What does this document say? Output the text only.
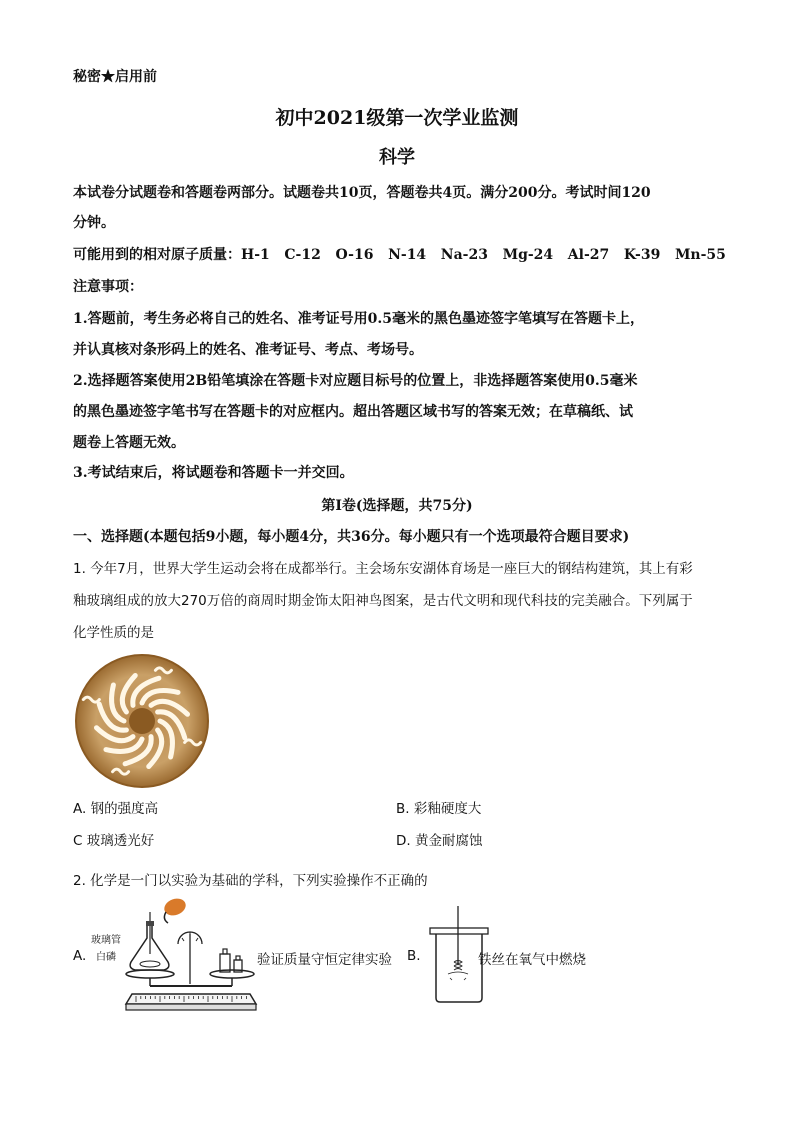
秘密★启用前
初中2021级第一次学业监测
科学
本试卷分试题卷和答题卷两部分。试题卷共10页，答题卷共4页。满分200分。考试时间120
分钟。
可能用到的相对原子质量：H-1   C-12   O-16   N-14   Na-23   Mg-24   Al-27   K-39   Mn-55
注意事项：
1.答题前，考生务必将自己的姓名、准考证号用0.5毫米的黑色墨迹签字笔填写在答题卡上，
并认真核对条形码上的姓名、准考证号、考点、考场号。
2.选择题答案使用2B铅笔填涂在答题卡对应题目标号的位置上，非选择题答案使用0.5毫米
的黑色墨迹签字笔书写在答题卡的对应框内。超出答题区域书写的答案无效；在草稿纸、试
题卷上答题无效。
3.考试结束后，将试题卷和答题卡一并交回。
第Ⅰ卷(选择题，共75分)
一、选择题(本题包括9小题，每小题4分，共36分。每小题只有一个选项最符合题目要求)
1. 今年7月，世界大学生运动会将在成都举行。主会场东安湖体育场是一座巨大的钢结构建筑，其上有彩
釉玻璃组成的放大270万倍的商周时期金饰太阳神鸟图案，是古代文明和现代科技的完美融合。下列属于
化学性质的是
A. 钢的强度高	B. 彩釉硬度大
C 玻璃透光好	D. 黄金耐腐蚀
2. 化学是一门以实验为基础的学科，下列实验操作不正确的
A.
玻璃管
白磷	验证质量守恒定律实验 B.	铁丝在氧气中燃烧
